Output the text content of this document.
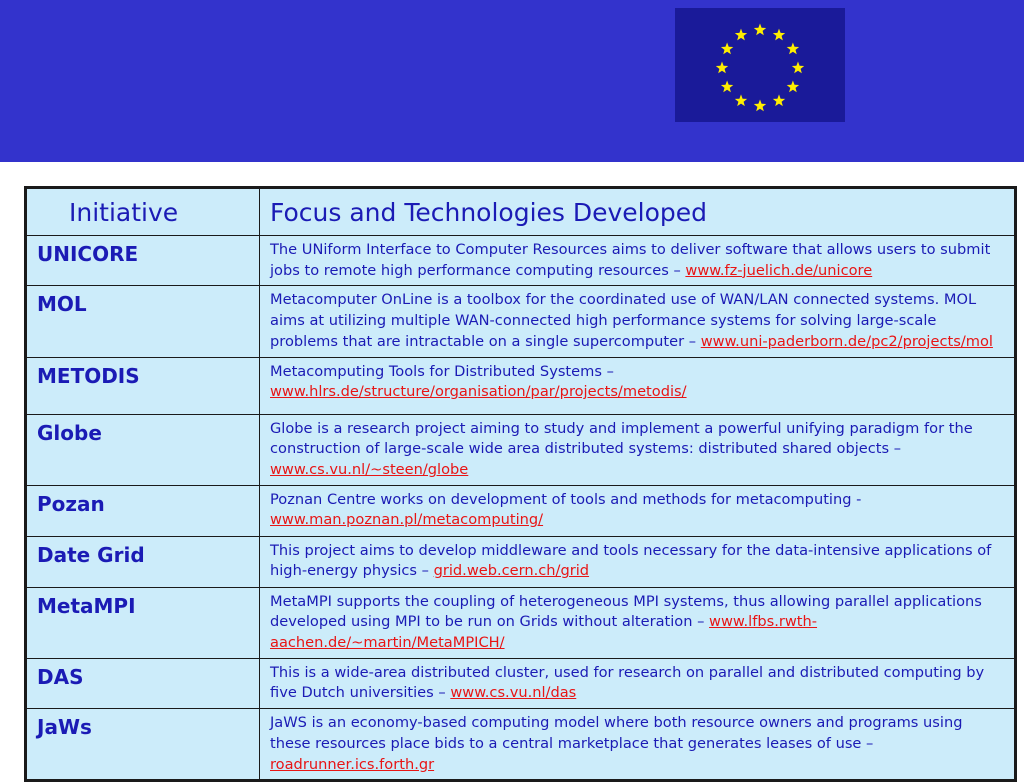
Initiative	Focus and Technologies Developed
UNICORE	The UNiform Interface to Computer Resources aims to deliver software that allows users to submit jobs to remote high performance computing resources – www.fz-juelich.de/unicore
MOL	Metacomputer OnLine is a toolbox for the coordinated use of WAN/LAN connected systems. MOL aims at utilizing multiple WAN-connected high performance systems for solving large-scale problems that are intractable on a single supercomputer – www.uni-paderborn.de/pc2/projects/mol
METODIS	Metacomputing Tools for Distributed Systems – www.hlrs.de/structure/organisation/par/projects/metodis/
Globe	Globe is a research project aiming to study and implement a powerful unifying paradigm for the construction of large-scale wide area distributed systems: distributed shared objects – www.cs.vu.nl/~steen/globe
Pozan	Poznan Centre works on development of tools and methods for metacomputing - www.man.poznan.pl/metacomputing/
Date Grid	This project aims to develop middleware and tools necessary for the data-intensive applications of high-energy physics – grid.web.cern.ch/grid
MetaMPI	MetaMPI supports the coupling of heterogeneous MPI systems, thus allowing parallel applications developed using MPI to be run on Grids without alteration – www.lfbs.rwth-aachen.de/~martin/MetaMPICH/
DAS	This is a wide-area distributed cluster, used for research on parallel and distributed computing by five Dutch universities – www.cs.vu.nl/das
JaWs	JaWS is an economy-based computing model where both resource owners and programs using these resources place bids to a central marketplace that generates leases of use – roadrunner.ics.forth.gr
